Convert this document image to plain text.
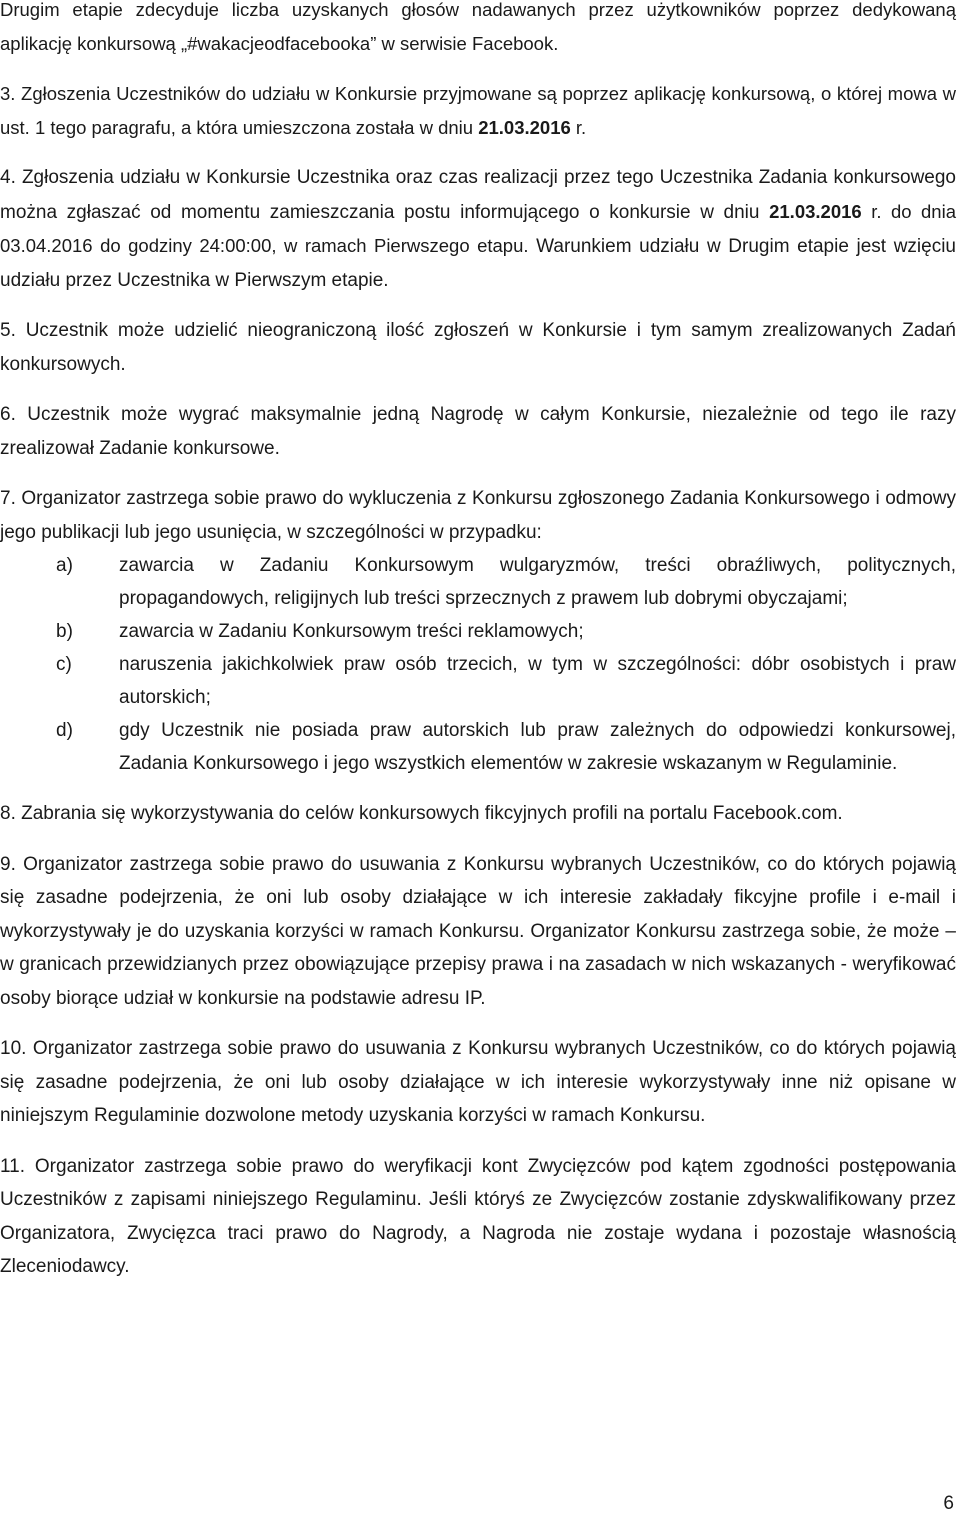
Drugim etapie zdecyduje liczba uzyskanych głosów nadawanych przez użytkowników poprzez dedykowaną aplikację konkursową „#wakacjeodfacebooka” w serwisie Facebook.

3. Zgłoszenia Uczestników do udziału w Konkursie przyjmowane są poprzez aplikację konkursową, o której mowa w ust. 1 tego paragrafu, a która umieszczona została w dniu 21.03.2016 r.

4. Zgłoszenia udziału w Konkursie Uczestnika oraz czas realizacji przez tego Uczestnika Zadania konkursowego można zgłaszać od momentu zamieszczania postu informującego o konkursie w dniu 21.03.2016 r. do dnia 03.04.2016 do godziny 24:00:00, w ramach Pierwszego etapu. Warunkiem udziału w Drugim etapie jest wzięciu udziału przez Uczestnika w Pierwszym etapie.

5. Uczestnik może udzielić nieograniczoną ilość zgłoszeń w Konkursie i tym samym zrealizowanych Zadań konkursowych.

6. Uczestnik może wygrać maksymalnie jedną Nagrodę w całym Konkursie, niezależnie od tego ile razy zrealizował Zadanie konkursowe.

7. Organizator zastrzega sobie prawo do wykluczenia z Konkursu zgłoszonego Zadania Konkursowego i odmowy jego publikacji lub jego usunięcia, w szczególności w przypadku:

a) zawarcia w Zadaniu Konkursowym wulgaryzmów, treści obraźliwych, politycznych, propagandowych, religijnych lub treści sprzecznych z prawem lub dobrymi obyczajami;
b) zawarcia w Zadaniu Konkursowym treści reklamowych;
c) naruszenia jakichkolwiek praw osób trzecich, w tym w szczególności: dóbr osobistych i praw autorskich;
d) gdy Uczestnik nie posiada praw autorskich lub praw zależnych do odpowiedzi konkursowej, Zadania Konkursowego i jego wszystkich elementów w zakresie wskazanym w Regulaminie.

8. Zabrania się wykorzystywania do celów konkursowych fikcyjnych profili na portalu Facebook.com.

9. Organizator zastrzega sobie prawo do usuwania z Konkursu wybranych Uczestników, co do których pojawią się zasadne podejrzenia, że oni lub osoby działające w ich interesie zakładały fikcyjne profile i e-mail i wykorzystywały je do uzyskania korzyści w ramach Konkursu. Organizator Konkursu zastrzega sobie, że może – w granicach przewidzianych przez obowiązujące przepisy prawa i na zasadach w nich wskazanych - weryfikować osoby biorące udział w konkursie na podstawie adresu IP.

10. Organizator zastrzega sobie prawo do usuwania z Konkursu wybranych Uczestników, co do których pojawią się zasadne podejrzenia, że oni lub osoby działające w ich interesie wykorzystywały inne niż opisane w niniejszym Regulaminie dozwolone metody uzyskania korzyści w ramach Konkursu.

11. Organizator zastrzega sobie prawo do weryfikacji kont Zwycięzców pod kątem zgodności postępowania Uczestników z zapisami niniejszego Regulaminu. Jeśli któryś ze Zwycięzców zostanie zdyskwalifikowany przez Organizatora, Zwycięzca traci prawo do Nagrody, a Nagroda nie zostaje wydana i pozostaje własnością Zleceniodawcy.

6
